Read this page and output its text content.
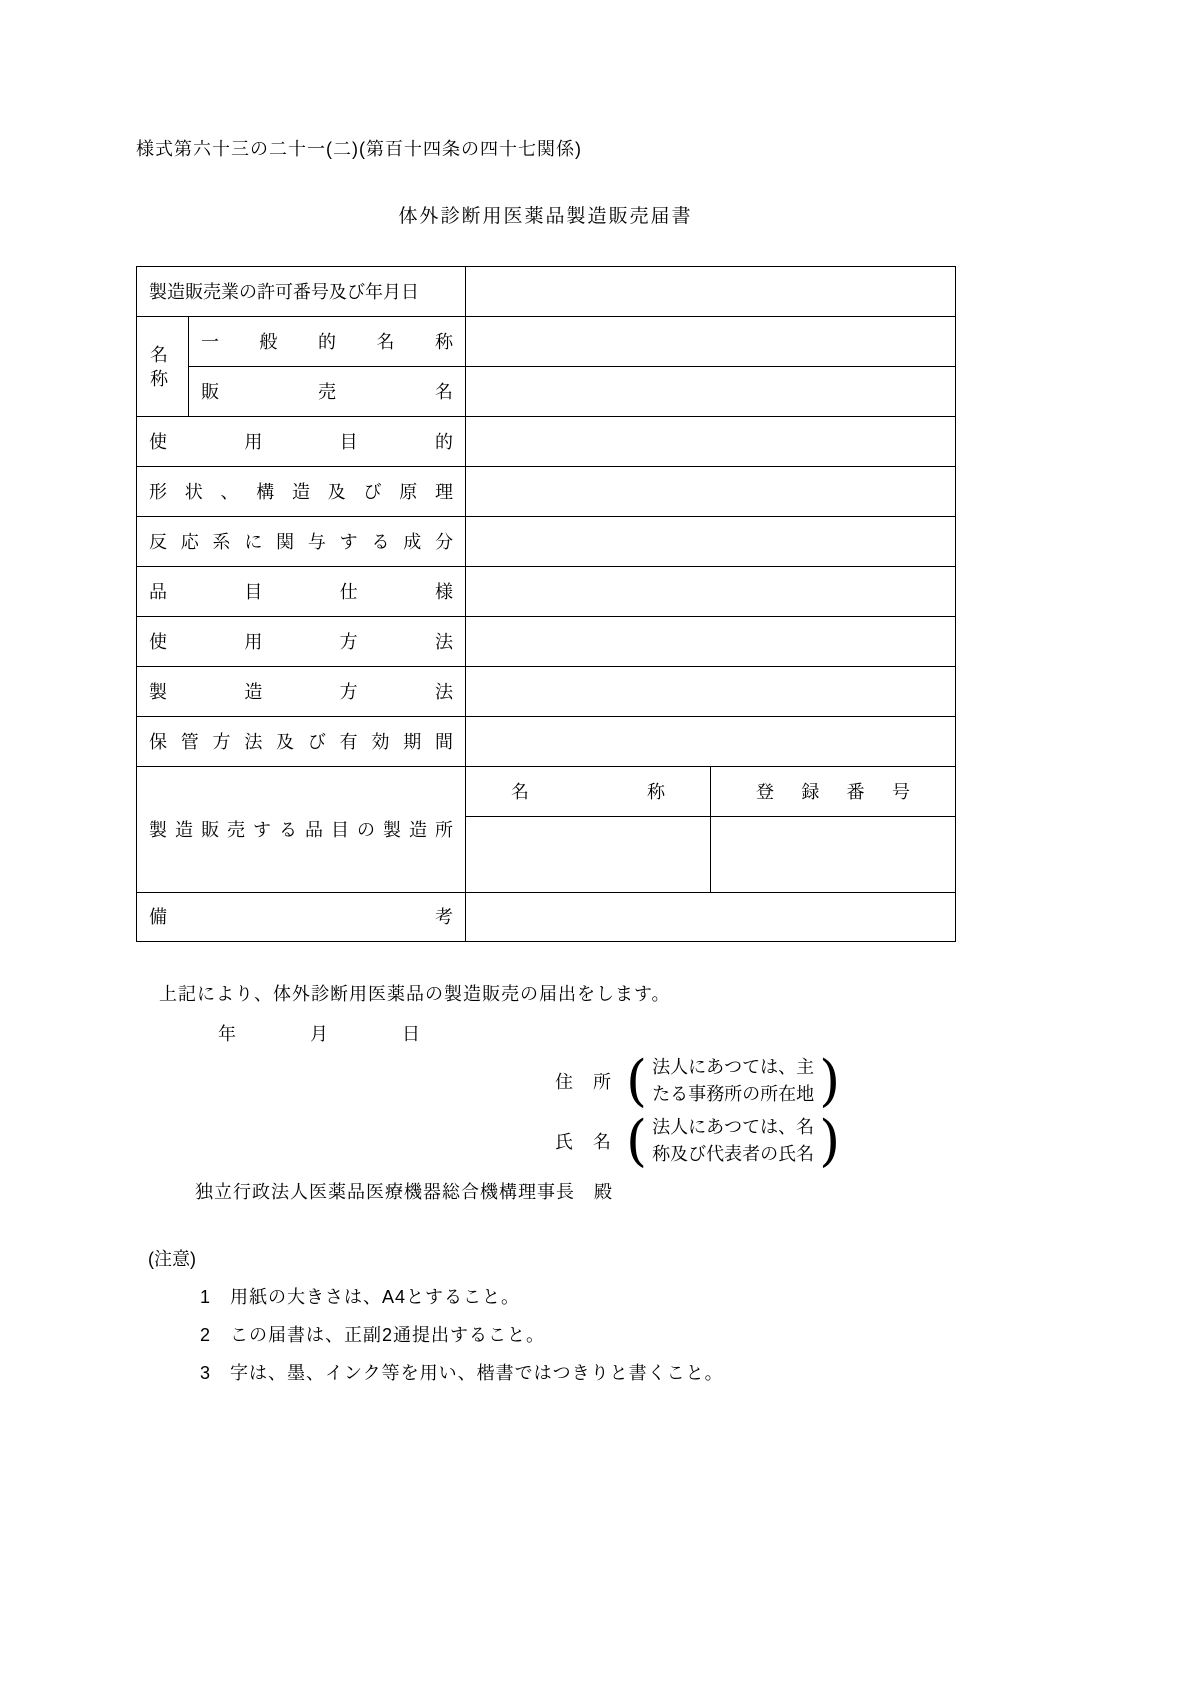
様式第六十三の二十一(二)(第百十四条の四十七関係)
体外診断用医薬品製造販売届書
製造販売業の許可番号及び年月日			
名称	一般的名称		
	販売名		
使用目的			
形状、構造及び原理			
反応系に関与する成分			
品目仕様			
使用方法			
製造方法			
保管方法及び有効期間			
製造販売する品目の製造所		名称	登録番号

備考			
上記により、体外診断用医薬品の製造販売の届出をします。
年	月	日
住　所 ( 法人にあつては、主
たる事務所の所在地 )
氏　名 ( 法人にあつては、名
称及び代表者の氏名 )
独立行政法人医薬品医療機器総合機構理事長　殿
(注意)
1	用紙の大きさは、A4とすること。
2	この届書は、正副2通提出すること。
3	字は、墨、インク等を用い、楷書ではつきりと書くこと。
